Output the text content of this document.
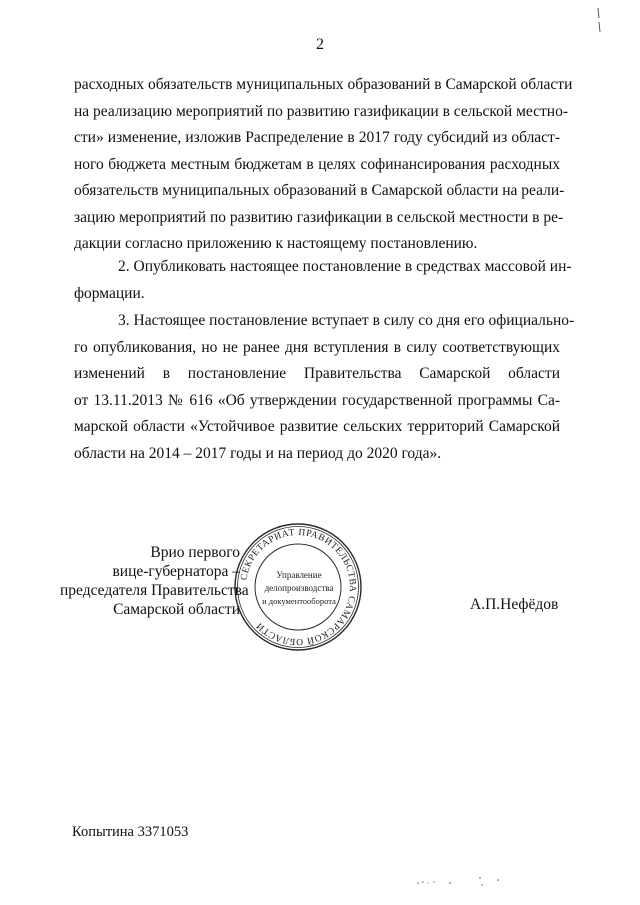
2
расходных обязательств муниципальных образований в Самарской области
на реализацию мероприятий по развитию газификации в сельской местно-
сти» изменение, изложив Распределение в 2017 году субсидий из област-
ного бюджета местным бюджетам в целях софинансирования расходных
обязательств муниципальных образований в Самарской области на реали-
зацию мероприятий по развитию газификации в сельской местности в ре-
дакции согласно приложению к настоящему постановлению.
2. Опубликовать настоящее постановление в средствах массовой ин-
формации.
3. Настоящее постановление вступает в силу со дня его официально-
го опубликования, но не ранее дня вступления в силу соответствующих
изменений в постановление Правительства Самарской области
от 13.11.2013 № 616 «Об утверждении государственной программы Са-
марской области «Устойчивое развитие сельских территорий Самарской
области на 2014 – 2017 годы и на период до 2020 года».
СЕКРЕТАРИАТ ПРАВИТЕЛЬСТВА САМАРСКОЙ ОБЛАСТИ
Управление
делопроизводства
и документооборота
Врио первого
вице-губернатора –
председателя Правительства
Самарской области	А.П.Нефёдов
Копытина 3371053
